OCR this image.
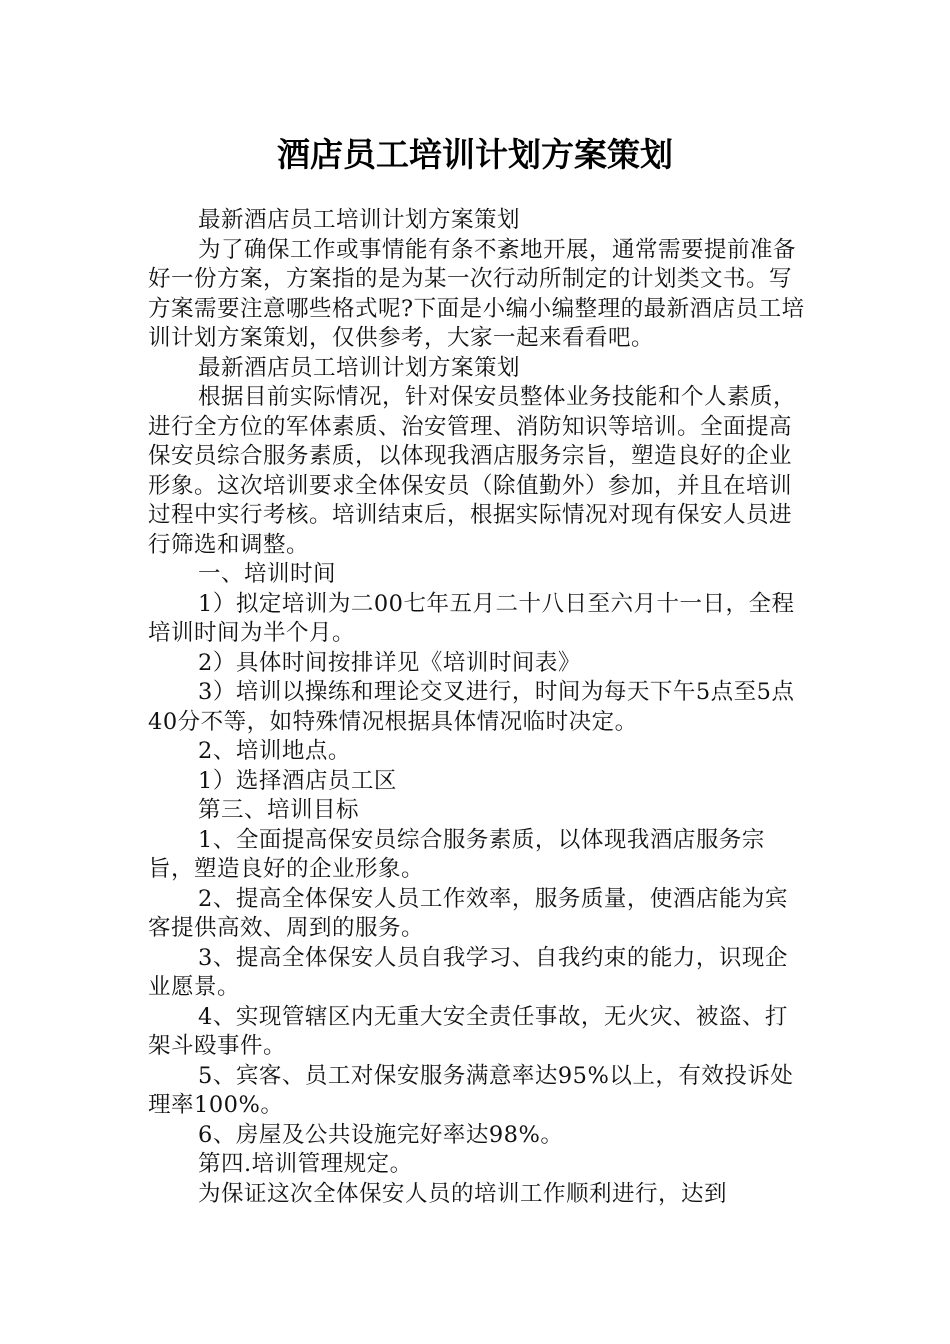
酒店员工培训计划方案策划

最新酒店员工培训计划方案策划

为了确保工作或事情能有条不紊地开展，通常需要提前准备好一份方案，方案指的是为某一次行动所制定的计划类文书。写方案需要注意哪些格式呢?下面是小编小编整理的最新酒店员工培训计划方案策划，仅供参考，大家一起来看看吧。

最新酒店员工培训计划方案策划

根据目前实际情况，针对保安员整体业务技能和个人素质，进行全方位的军体素质、治安管理、消防知识等培训。全面提高保安员综合服务素质，以体现我酒店服务宗旨，塑造良好的企业形象。这次培训要求全体保安员（除值勤外）参加，并且在培训过程中实行考核。培训结束后，根据实际情况对现有保安人员进行筛选和调整。

一、培训时间

1）拟定培训为二00七年五月二十八日至六月十一日，全程培训时间为半个月。

2）具体时间按排详见《培训时间表》

3）培训以操练和理论交叉进行，时间为每天下午5点至5点40分不等，如特殊情况根据具体情况临时决定。

2、培训地点。

1）选择酒店员工区

第三、培训目标

1、全面提高保安员综合服务素质，以体现我酒店服务宗旨，塑造良好的企业形象。

2、提高全体保安人员工作效率，服务质量，使酒店能为宾客提供高效、周到的服务。

3、提高全体保安人员自我学习、自我约束的能力，识现企业愿景。

4、实现管辖区内无重大安全责任事故，无火灾、被盗、打架斗殴事件。

5、宾客、员工对保安服务满意率达95%以上，有效投诉处理率100%。

6、房屋及公共设施完好率达98%。

第四.培训管理规定。

为保证这次全体保安人员的培训工作顺利进行，达到
